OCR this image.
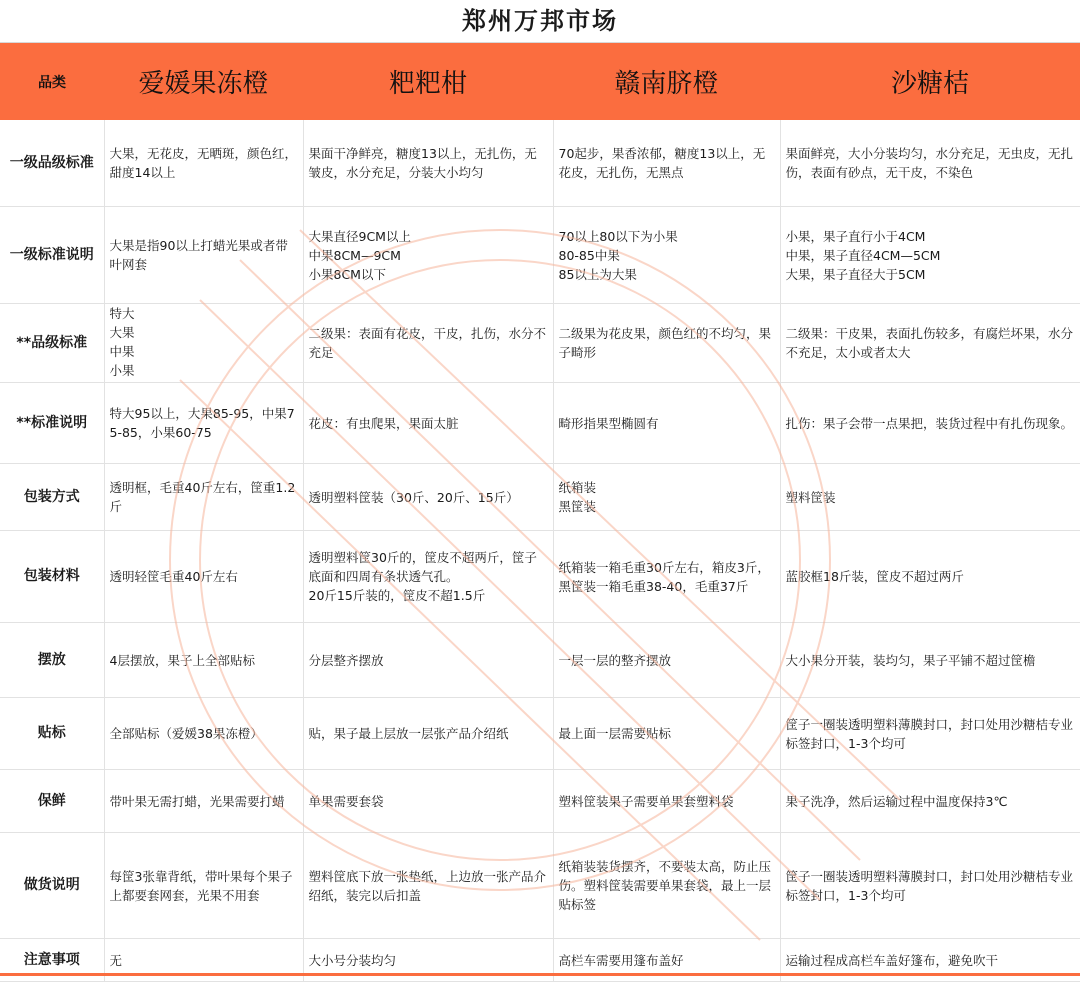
郑州万邦市场
品类	爱媛果冻橙	粑粑柑	赣南脐橙	沙糖桔
一级品级标准	大果，无花皮，无晒斑，颜色红，甜度14以上	果面干净鲜亮，糖度13以上，无扎伤，无皱皮，水分充足，分装大小均匀	70起步，果香浓郁，糖度13以上，无花皮，无扎伤，无黑点	果面鲜亮，大小分装均匀，水分充足，无虫皮，无扎伤，表面有砂点，无干皮，不染色
一级标准说明	大果是指90以上打蜡光果或者带叶网套	大果直径9CM以上
中果8CM—9CM
小果8CM以下	70以上80以下为小果
80-85中果
85以上为大果	小果，果子直行小于4CM
中果，果子直径4CM—5CM
大果，果子直径大于5CM
**品级标准	特大
大果
中果
小果	二级果：表面有花皮，干皮，扎伤，水分不充足	二级果为花皮果，颜色红的不均匀，果子畸形	二级果：干皮果，表面扎伤较多，有腐烂坏果，水分不充足，太小或者太大
**标准说明	特大95以上，大果85-95，中果75-85，小果60-75	花皮：有虫爬果，果面太脏	畸形指果型椭圆有	扎伤：果子会带一点果把，装货过程中有扎伤现象。
包装方式	透明框，毛重40斤左右，筐重1.2斤	透明塑料筐装（30斤、20斤、15斤）	纸箱装
黑筐装	塑料筐装
包装材料	透明轻筐毛重40斤左右	透明塑料筐30斤的，筐皮不超两斤，筐子底面和四周有条状透气孔。
20斤15斤装的，筐皮不超1.5斤	纸箱装一箱毛重30斤左右，箱皮3斤，黑筐装一箱毛重38-40，毛重37斤	蓝胶框18斤装，筐皮不超过两斤
摆放	4层摆放，果子上全部贴标	分层整齐摆放	一层一层的整齐摆放	大小果分开装，装均匀，果子平铺不超过筐檐
贴标	全部贴标（爱媛38果冻橙）	贴，果子最上层放一层张产品介绍纸	最上面一层需要贴标	筐子一圈装透明塑料薄膜封口，封口处用沙糖桔专业标签封口，1-3个均可
保鲜	带叶果无需打蜡，光果需要打蜡	单果需要套袋	塑料筐装果子需要单果套塑料袋	果子洗净，然后运输过程中温度保持3℃
做货说明	每筐3张靠背纸，带叶果每个果子上都要套网套，光果不用套	塑料筐底下放一张垫纸，上边放一张产品介绍纸，装完以后扣盖	纸箱装装货摆齐，不要装太高，防止压伤。塑料筐装需要单果套袋，最上一层贴标签	筐子一圈装透明塑料薄膜封口，封口处用沙糖桔专业标签封口，1-3个均可
注意事项	无	大小号分装均匀	高栏车需要用篷布盖好	运输过程成高栏车盖好篷布，避免吹干
